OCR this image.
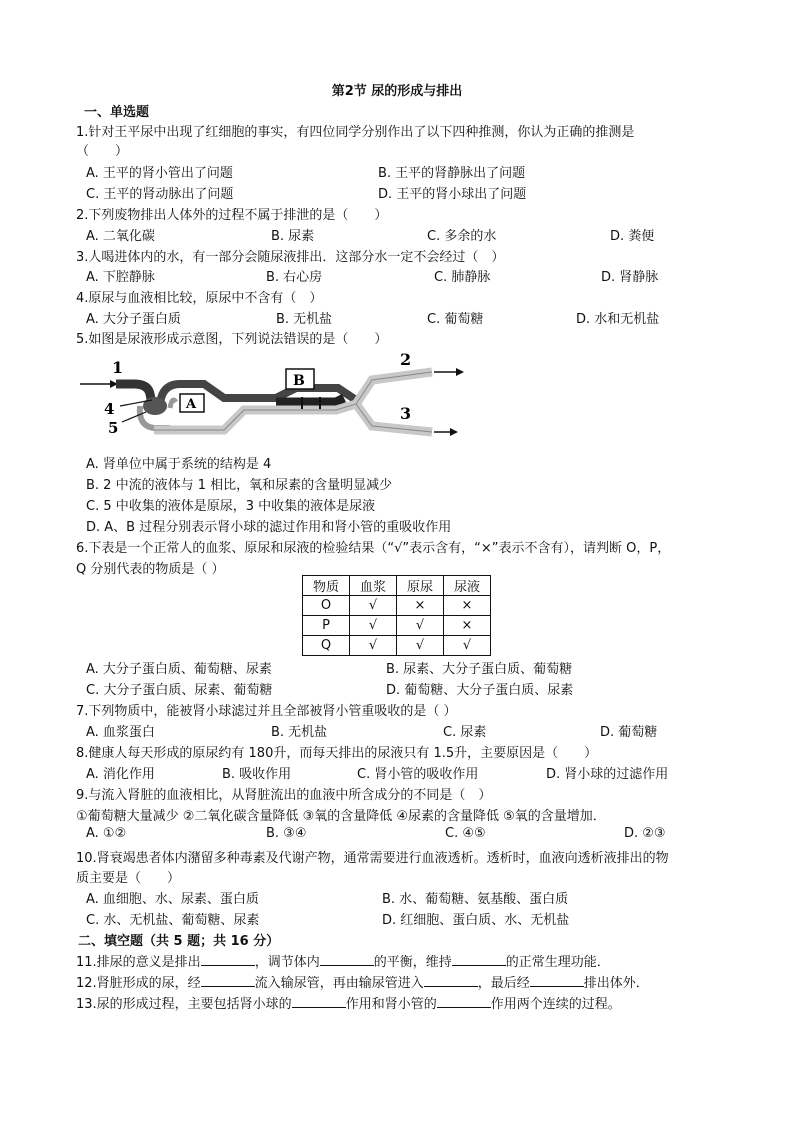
第2节 尿的形成与排出
一、单选题
1.针对王平尿中出现了红细胞的事实，有四位同学分别作出了以下四种推测，你认为正确的推测是
（　　）
A. 王平的肾小管出了问题	B. 王平的肾静脉出了问题
C. 王平的肾动脉出了问题	D. 王平的肾小球出了问题
2.下列废物排出人体外的过程不属于排泄的是（　　）
A. 二氧化碳	B. 尿素	C. 多余的水	D. 粪便
3.人喝进体内的水，有一部分会随尿液排出．这部分水一定不会经过（　）
A. 下腔静脉	B. 右心房	C. 肺静脉	D. 肾静脉
4.原尿与血液相比较，原尿中不含有（　）
A. 大分子蛋白质	B. 无机盐	C. 葡萄糖	D. 水和无机盐
5.如图是尿液形成示意图，下列说法错误的是（　　）
1	2
3
4
5
A
B
A. 肾单位中属于系统的结构是 4
B. 2 中流的液体与 1 相比，氧和尿素的含量明显减少
C. 5 中收集的液体是原尿，3 中收集的液体是尿液
D. A、B 过程分别表示肾小球的滤过作用和肾小管的重吸收作用
6.下表是一个正常人的血浆、原尿和尿液的检验结果（“√”表示含有，“×”表示不含有），请判断 O，P，
Q 分别代表的物质是（ ）
物质	血浆	原尿	尿液
O	√	×	×
P	√	√	×
Q	√	√	√
A. 大分子蛋白质、葡萄糖、尿素	B. 尿素、大分子蛋白质、葡萄糖
C. 大分子蛋白质、尿素、葡萄糖	D. 葡萄糖、大分子蛋白质、尿素
7.下列物质中，能被肾小球滤过并且全部被肾小管重吸收的是（ ）
A. 血浆蛋白	B. 无机盐	C. 尿素	D. 葡萄糖
8.健康人每天形成的原尿约有 180升，而每天排出的尿液只有 1.5升，主要原因是（　　）
A. 消化作用	B. 吸收作用	C. 肾小管的吸收作用	D. 肾小球的过滤作用
9.与流入肾脏的血液相比，从肾脏流出的血液中所含成分的不同是（　）
①葡萄糖大量减少 ②二氧化碳含量降低 ③氧的含量降低 ④尿素的含量降低 ⑤氧的含量增加．
A. ①②	B. ③④	C. ④⑤	D. ②③
10.肾衰竭患者体内潴留多种毒素及代谢产物，通常需要进行血液透析。透析时，血液向透析液排出的物
质主要是（　　）
A. 血细胞、水、尿素、蛋白质	B. 水、葡萄糖、氨基酸、蛋白质
C. 水、无机盐、葡萄糖、尿素	D. 红细胞、蛋白质、水、无机盐
二、填空题（共 5 题；共 16 分）
11.排尿的意义是排出	，调节体内	的平衡，维持	的正常生理功能．
12.肾脏形成的尿，经	流入输尿管，再由输尿管进入	，最后经	排出体外．
13.尿的形成过程，主要包括肾小球的	作用和肾小管的	作用两个连续的过程。
